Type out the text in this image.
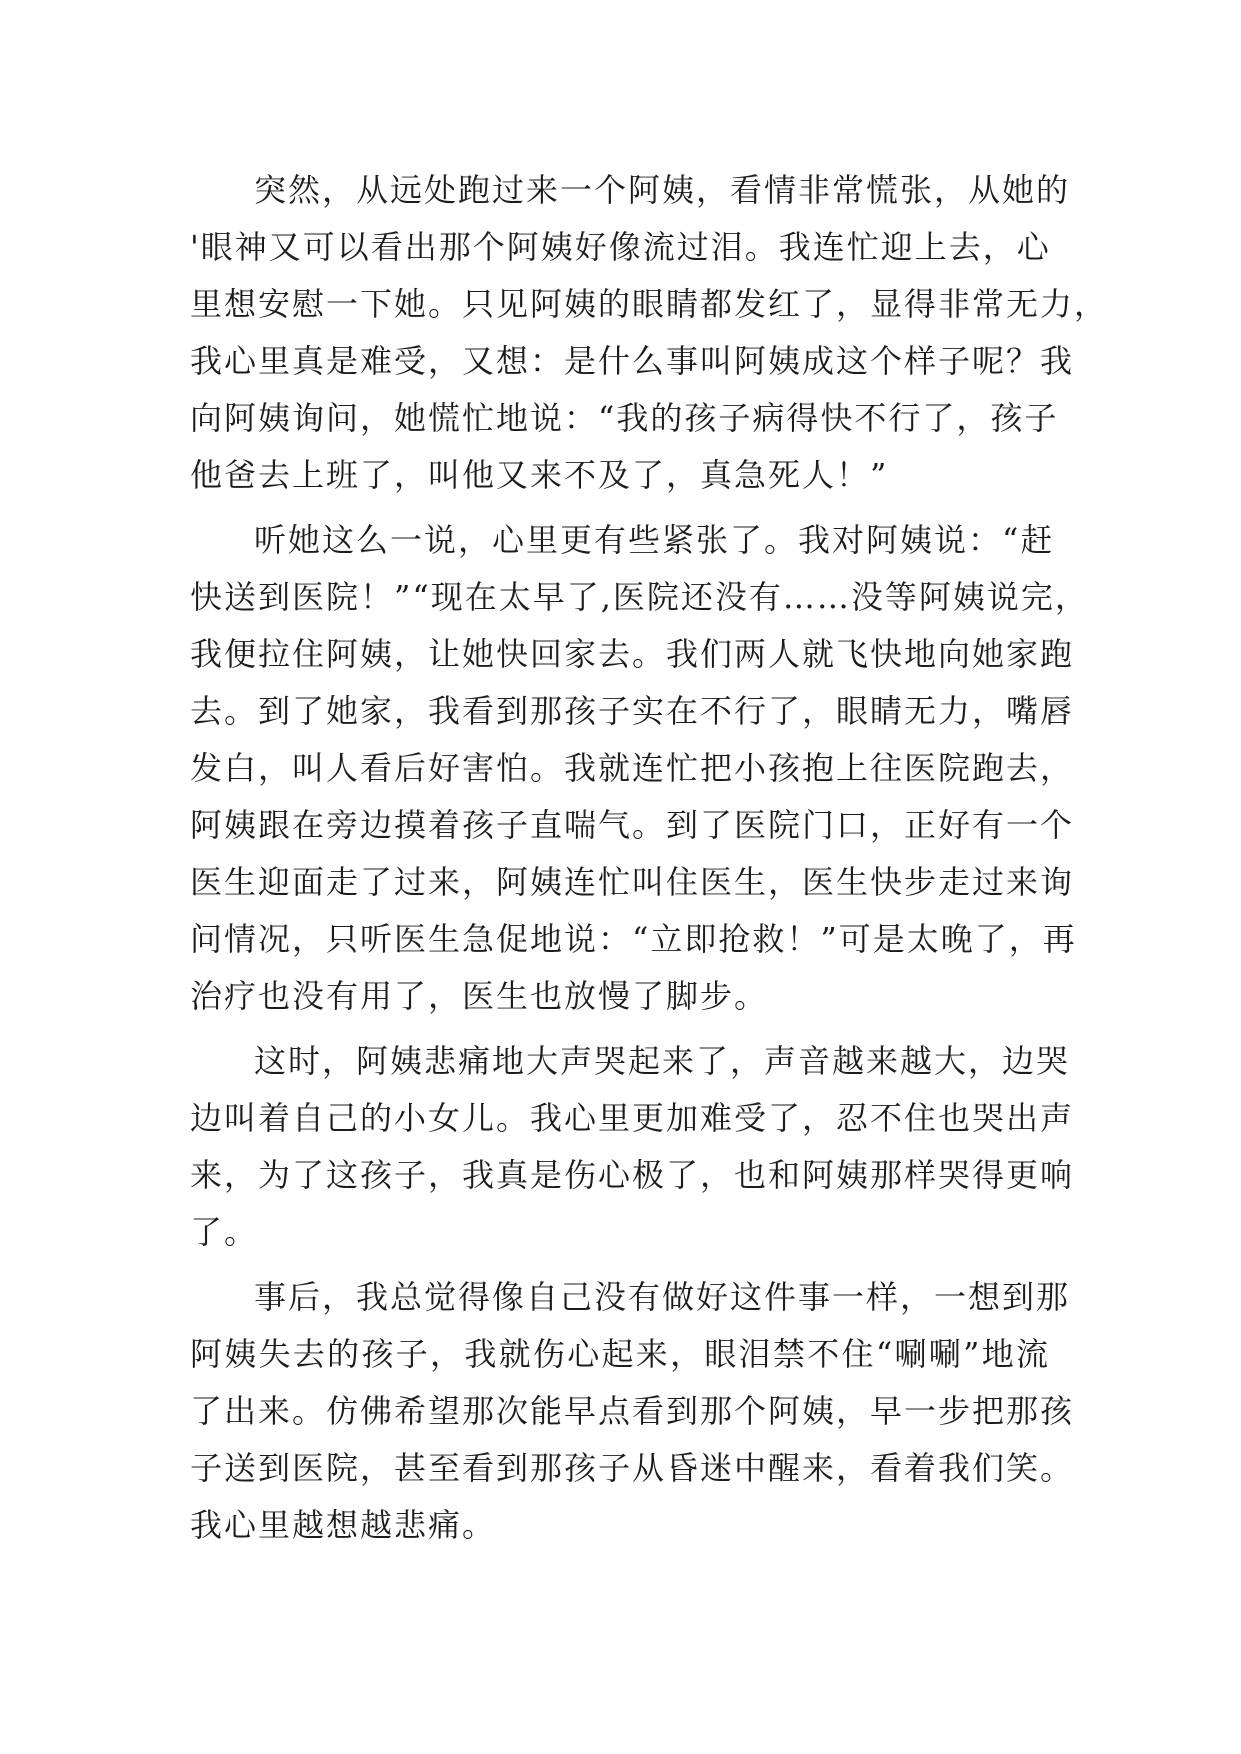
突然，从远处跑过来一个阿姨，看情非常慌张，从她的
'眼神又可以看出那个阿姨好像流过泪。我连忙迎上去，心
里想安慰一下她。只见阿姨的眼睛都发红了，显得非常无力，
我心里真是难受，又想：是什么事叫阿姨成这个样子呢？我
向阿姨询问，她慌忙地说：“我的孩子病得快不行了，孩子
他爸去上班了，叫他又来不及了，真急死人！”
听她这么一说，心里更有些紧张了。我对阿姨说：“赶
快送到医院！”“现在太早了,医院还没有……没等阿姨说完，
我便拉住阿姨，让她快回家去。我们两人就飞快地向她家跑
去。到了她家，我看到那孩子实在不行了，眼睛无力，嘴唇
发白，叫人看后好害怕。我就连忙把小孩抱上往医院跑去，
阿姨跟在旁边摸着孩子直喘气。到了医院门口，正好有一个
医生迎面走了过来，阿姨连忙叫住医生，医生快步走过来询
问情况，只听医生急促地说：“立即抢救！”可是太晚了，再
治疗也没有用了，医生也放慢了脚步。
这时，阿姨悲痛地大声哭起来了，声音越来越大，边哭
边叫着自己的小女儿。我心里更加难受了，忍不住也哭出声
来，为了这孩子，我真是伤心极了，也和阿姨那样哭得更响
了。
事后，我总觉得像自己没有做好这件事一样，一想到那
阿姨失去的孩子，我就伤心起来，眼泪禁不住“唰唰”地流
了出来。仿佛希望那次能早点看到那个阿姨，早一步把那孩
子送到医院，甚至看到那孩子从昏迷中醒来，看着我们笑。
我心里越想越悲痛。
